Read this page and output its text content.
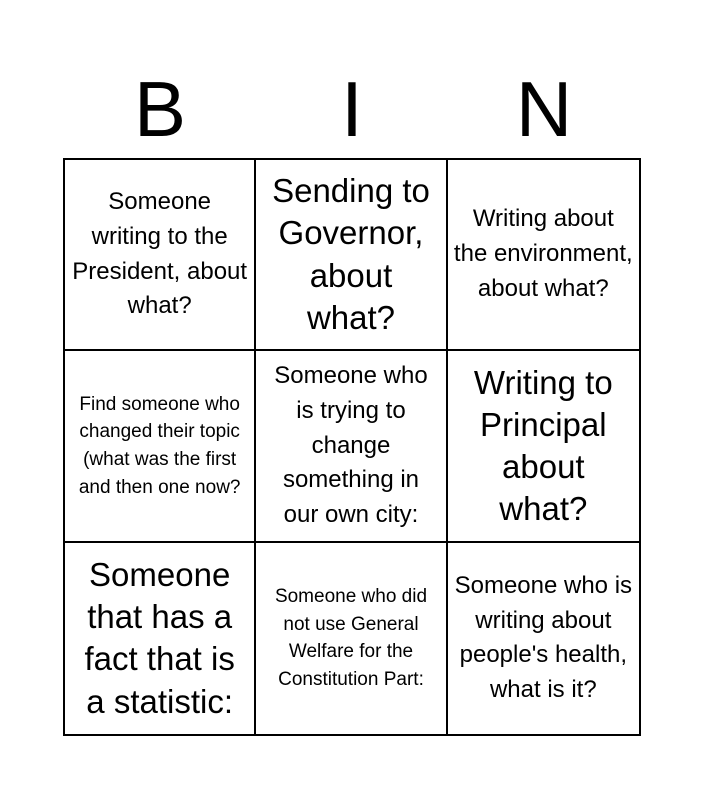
B	I	N
Someone writing to the President, about what?
Sending to Governor, about what?
Writing about the environment, about what?
Find someone who changed their topic (what was the first and then one now?
Someone who is trying to change something in our own city:
Writing to Principal about what?
Someone that has a fact that is a statistic:
Someone who did not use General Welfare for the Constitution Part:
Someone who is writing about people's health, what is it?
